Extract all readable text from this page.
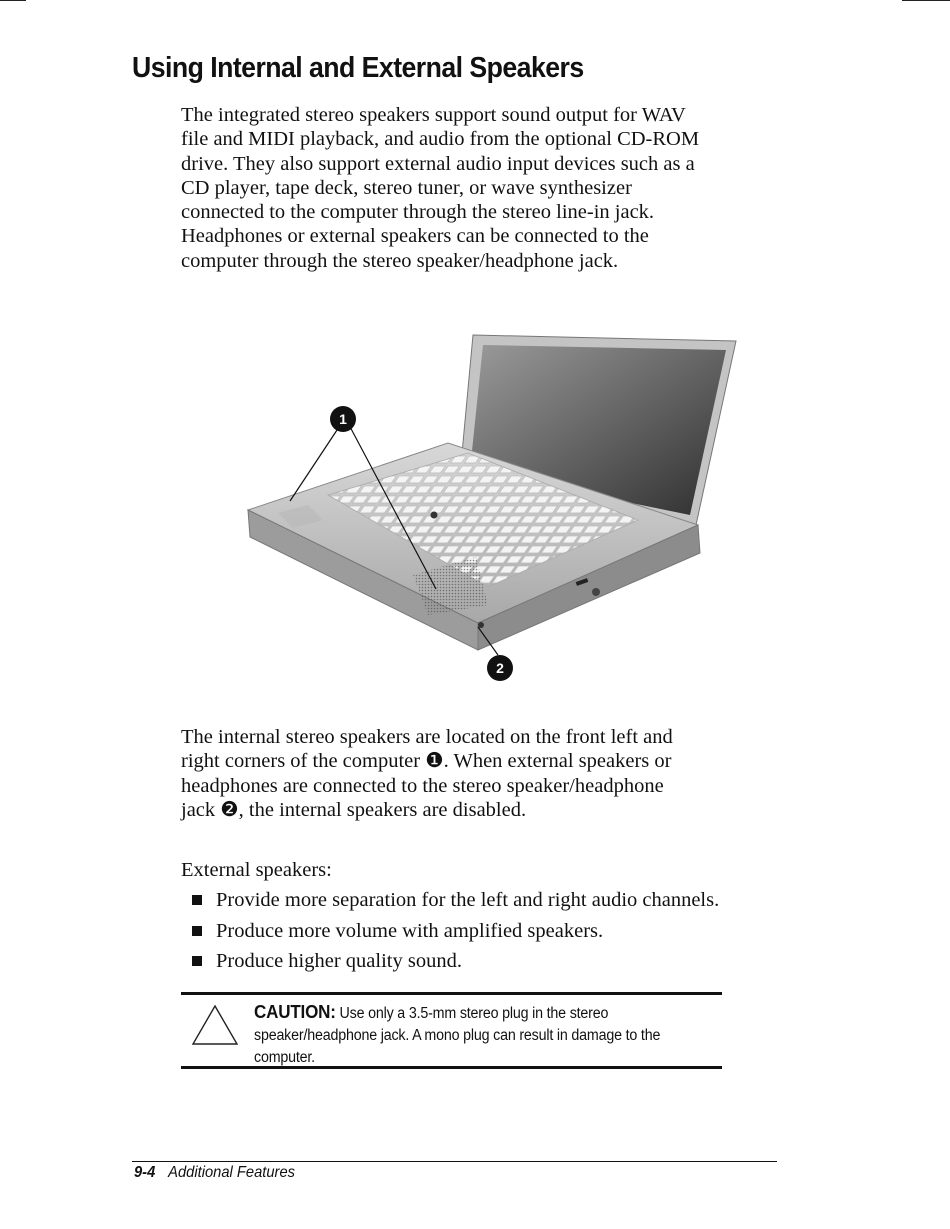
Using Internal and External Speakers

The integrated stereo speakers support sound output for WAV file and MIDI playback, and audio from the optional CD-ROM drive. They also support external audio input devices such as a CD player, tape deck, stereo tuner, or wave synthesizer connected to the computer through the stereo line-in jack. Headphones or external speakers can be connected to the computer through the stereo speaker/headphone jack.

1
2

The internal stereo speakers are located on the front left and right corners of the computer ❶. When external speakers or headphones are connected to the stereo speaker/headphone jack ❷, the internal speakers are disabled.

External speakers:

Provide more separation for the left and right audio channels.
Produce more volume with amplified speakers.
Produce higher quality sound.
CAUTION: Use only a 3.5-mm stereo plug in the stereo speaker/headphone jack. A mono plug can result in damage to the computer.
9-4 Additional Features
